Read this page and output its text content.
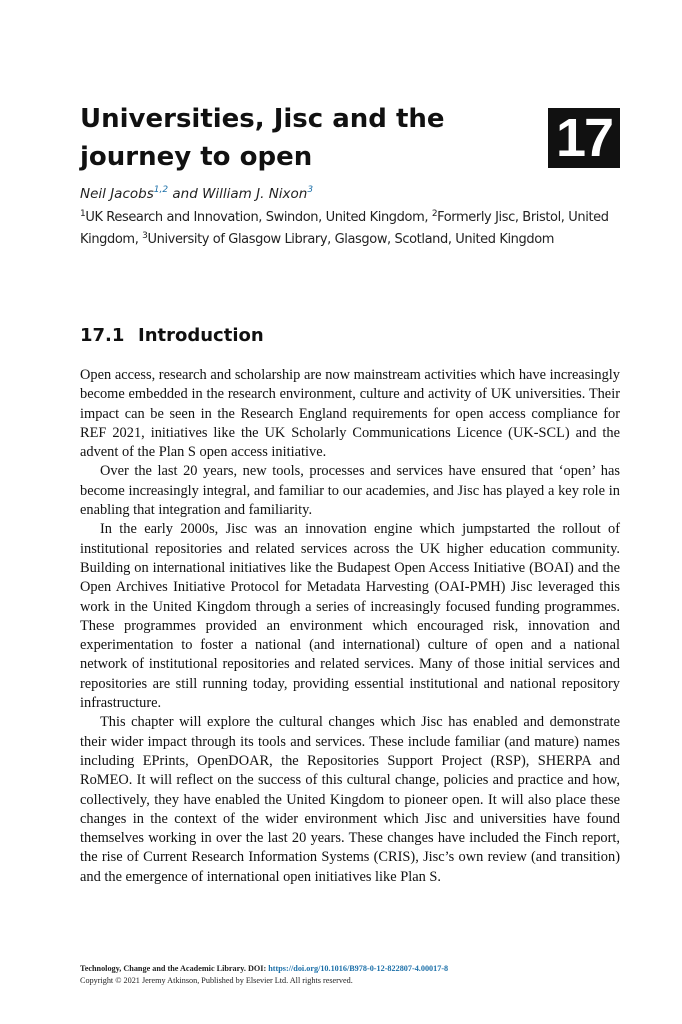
Universities, Jisc and the journey to open	17
Neil Jacobs$^{1,2}$ and William J. Nixon$^3$
$^1$UK Research and Innovation, Swindon, United Kingdom, $^2$Formerly Jisc, Bristol, United Kingdom, $^3$University of Glasgow Library, Glasgow, Scotland, United Kingdom
17.1 Introduction

Open access, research and scholarship are now mainstream activities which have increasingly become embedded in the research environment, culture and activity of UK universities. Their impact can be seen in the Research England requirements for open access compliance for REF 2021, initiatives like the UK Scholarly Communications Licence (UK-SCL) and the advent of the Plan S open access initiative.

Over the last 20 years, new tools, processes and services have ensured that ‘open’ has become increasingly integral, and familiar to our academies, and Jisc has played a key role in enabling that integration and familiarity.

In the early 2000s, Jisc was an innovation engine which jumpstarted the rollout of institutional repositories and related services across the UK higher education community. Building on international initiatives like the Budapest Open Access Initiative (BOAI) and the Open Archives Initiative Protocol for Metadata Harvesting (OAI-PMH) Jisc leveraged this work in the United Kingdom through a series of increasingly focused funding programmes. These programmes provided an environment which encouraged risk, innovation and experimentation to foster a national (and international) culture of open and a national network of institutional repositories and related services. Many of those initial services and repositories are still running today, providing essential institutional and national repository infrastructure.

This chapter will explore the cultural changes which Jisc has enabled and demonstrate their wider impact through its tools and services. These include familiar (and mature) names including EPrints, OpenDOAR, the Repositories Support Project (RSP), SHERPA and RoMEO. It will reflect on the success of this cultural change, policies and practice and how, collectively, they have enabled the United Kingdom to pioneer open. It will also place these changes in the context of the wider environment which Jisc and universities have found themselves working in over the last 20 years. These changes have included the Finch report, the rise of Current Research Information Systems (CRIS), Jisc’s own review (and transition) and the emergence of international open initiatives like Plan S.

Technology, Change and the Academic Library. DOI: https://doi.org/10.1016/B978-0-12-822807-4.00017-8
Copyright © 2021 Jeremy Atkinson, Published by Elsevier Ltd. All rights reserved.
